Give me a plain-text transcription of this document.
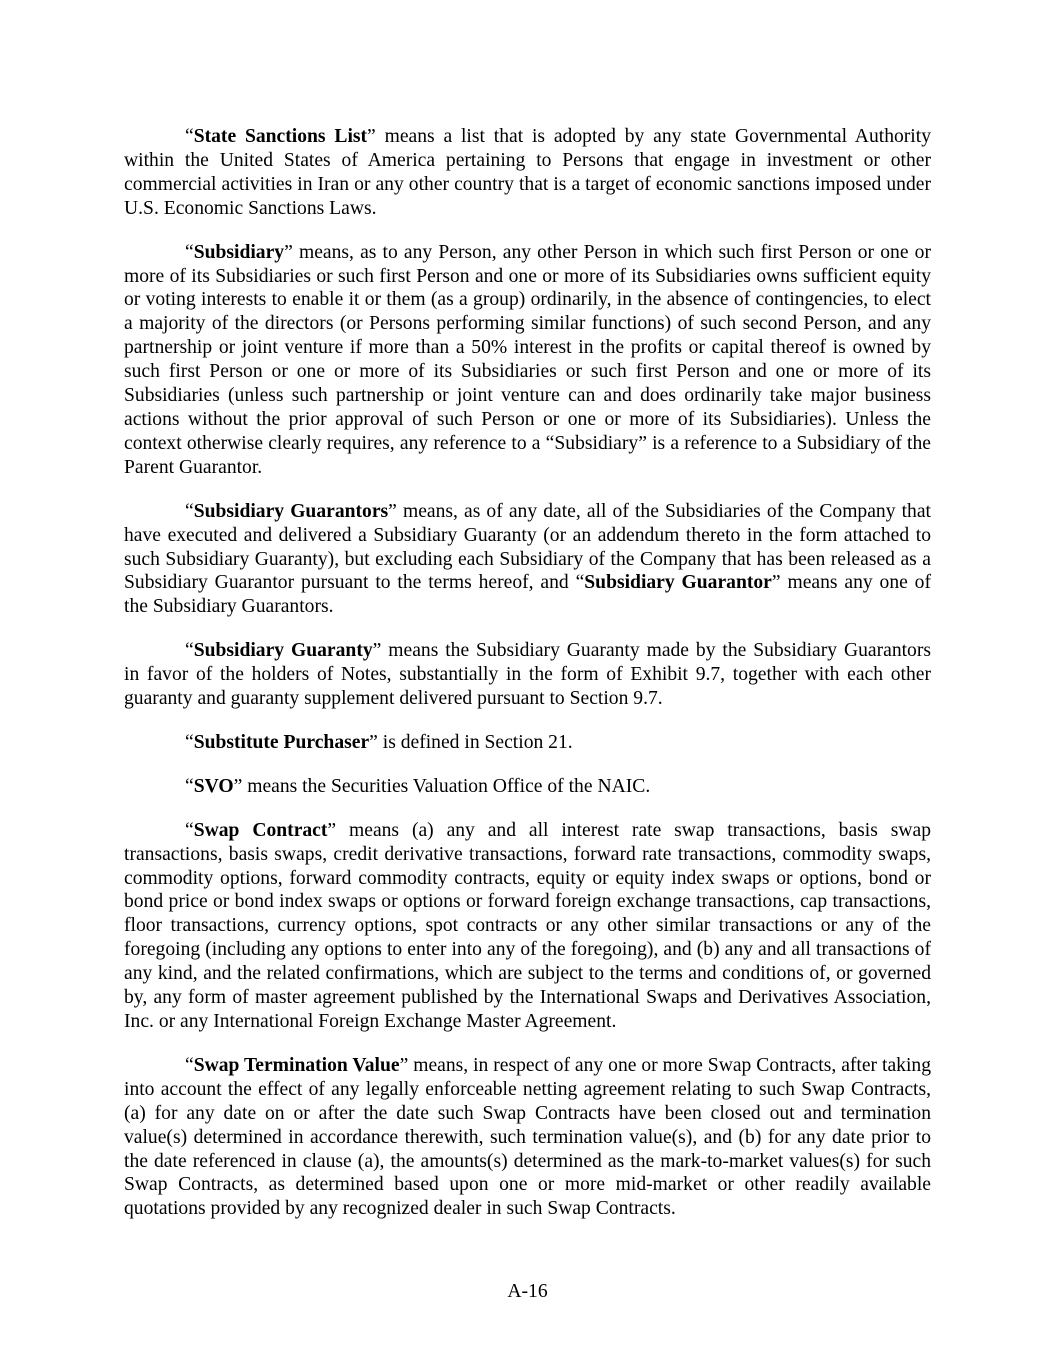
“State Sanctions List” means a list that is adopted by any state Governmental Authority within the United States of America pertaining to Persons that engage in investment or other commercial activities in Iran or any other country that is a target of economic sanctions imposed under U.S. Economic Sanctions Laws.

“Subsidiary” means, as to any Person, any other Person in which such first Person or one or more of its Subsidiaries or such first Person and one or more of its Subsidiaries owns sufficient equity or voting interests to enable it or them (as a group) ordinarily, in the absence of contingencies, to elect a majority of the directors (or Persons performing similar functions) of such second Person, and any partnership or joint venture if more than a 50% interest in the profits or capital thereof is owned by such first Person or one or more of its Subsidiaries or such first Person and one or more of its Subsidiaries (unless such partnership or joint venture can and does ordinarily take major business actions without the prior approval of such Person or one or more of its Subsidiaries). Unless the context otherwise clearly requires, any reference to a “Subsidiary” is a reference to a Subsidiary of the Parent Guarantor.

“Subsidiary Guarantors” means, as of any date, all of the Subsidiaries of the Company that have executed and delivered a Subsidiary Guaranty (or an addendum thereto in the form attached to such Subsidiary Guaranty), but excluding each Subsidiary of the Company that has been released as a Subsidiary Guarantor pursuant to the terms hereof, and “Subsidiary Guarantor” means any one of the Subsidiary Guarantors.

“Subsidiary Guaranty” means the Subsidiary Guaranty made by the Subsidiary Guarantors in favor of the holders of Notes, substantially in the form of Exhibit 9.7, together with each other guaranty and guaranty supplement delivered pursuant to Section 9.7.

“Substitute Purchaser” is defined in Section 21.

“SVO” means the Securities Valuation Office of the NAIC.

“Swap Contract” means (a) any and all interest rate swap transactions, basis swap transactions, basis swaps, credit derivative transactions, forward rate transactions, commodity swaps, commodity options, forward commodity contracts, equity or equity index swaps or options, bond or bond price or bond index swaps or options or forward foreign exchange transactions, cap transactions, floor transactions, currency options, spot contracts or any other similar transactions or any of the foregoing (including any options to enter into any of the foregoing), and (b) any and all transactions of any kind, and the related confirmations, which are subject to the terms and conditions of, or governed by, any form of master agreement published by the International Swaps and Derivatives Association, Inc. or any International Foreign Exchange Master Agreement.

“Swap Termination Value” means, in respect of any one or more Swap Contracts, after taking into account the effect of any legally enforceable netting agreement relating to such Swap Contracts, (a) for any date on or after the date such Swap Contracts have been closed out and termination value(s) determined in accordance therewith, such termination value(s), and (b) for any date prior to the date referenced in clause (a), the amounts(s) determined as the mark-to-market values(s) for such Swap Contracts, as determined based upon one or more mid-market or other readily available quotations provided by any recognized dealer in such Swap Contracts.

A-16
